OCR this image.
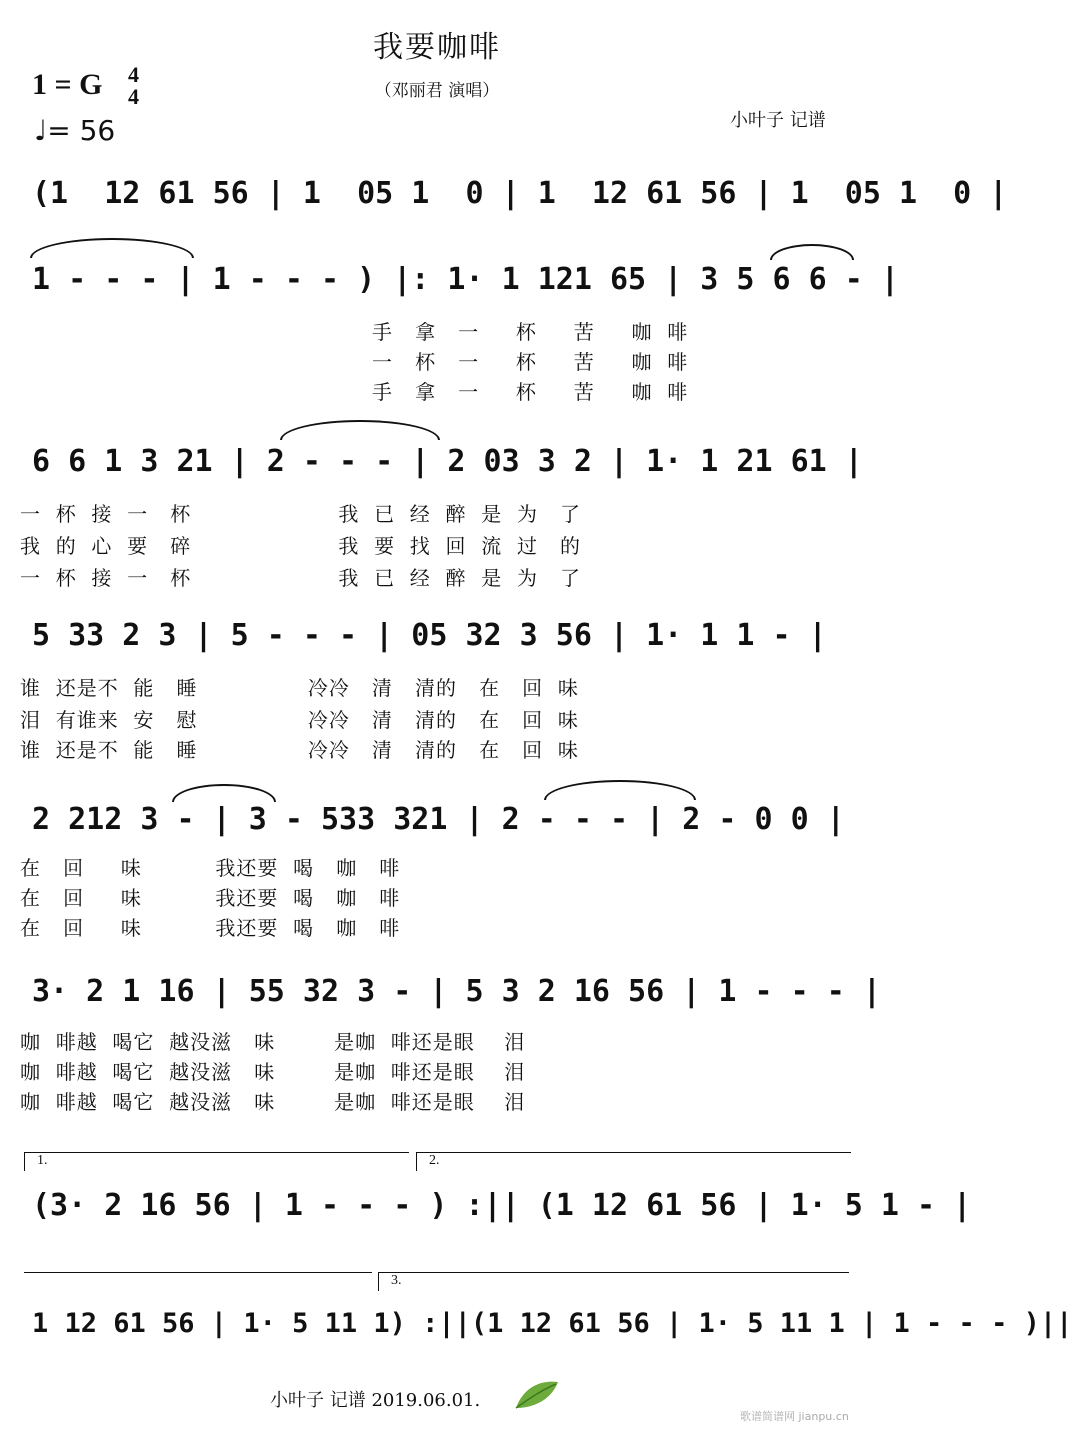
我要咖啡
（邓丽君 演唱）
1 = G 4
4
♩= 56	小叶子 记谱
(1  12 61 56 | 1  05 1  0 | 1  12 61 56 | 1  05 1  0 |
1 - - - | 1 - - - ) |: 1· 1 121 65 | 3 5 6 6 - |
手   拿   一     杯     苦     咖  啡
一   杯   一     杯     苦     咖  啡
手   拿   一     杯     苦     咖  啡
6 6 1 3 21 | 2 - - - | 2 03 3 2 | 1· 1 21 61 |
一  杯  接  一   杯                    我  已  经  醉  是  为   了
我  的  心  要   碎                    我  要  找  回  流  过   的
一  杯  接  一   杯                    我  已  经  醉  是  为   了
5 33 2 3 | 5 - - - | 05 32 3 56 | 1· 1 1 - |
谁  还是不  能   睡               冷冷   清   清的   在   回  味
泪  有谁来  安   慰               冷冷   清   清的   在   回  味
谁  还是不  能   睡               冷冷   清   清的   在   回  味
2 212 3 - | 3 - 533 321 | 2 - - - | 2 - 0 0 |
在   回     味          我还要  喝   咖   啡
在   回     味          我还要  喝   咖   啡
在   回     味          我还要  喝   咖   啡
3· 2 1 16 | 55 32 3 - | 5 3 2 16 56 | 1 - - - |
咖  啡越  喝它  越没滋   味        是咖  啡还是眼    泪
咖  啡越  喝它  越没滋   味        是咖  啡还是眼    泪
咖  啡越  喝它  越没滋   味        是咖  啡还是眼    泪
1.	2.
(3· 2 16 56 | 1 - - - ) :|| (1 12 61 56 | 1· 5 1 - |
3.
1 12 61 56 | 1· 5 11 1) :||(1 12 61 56 | 1· 5 11 1 | 1 - - - )||
小叶子 记谱 2019.06.01.
歌谱简谱网 jianpu.cn
